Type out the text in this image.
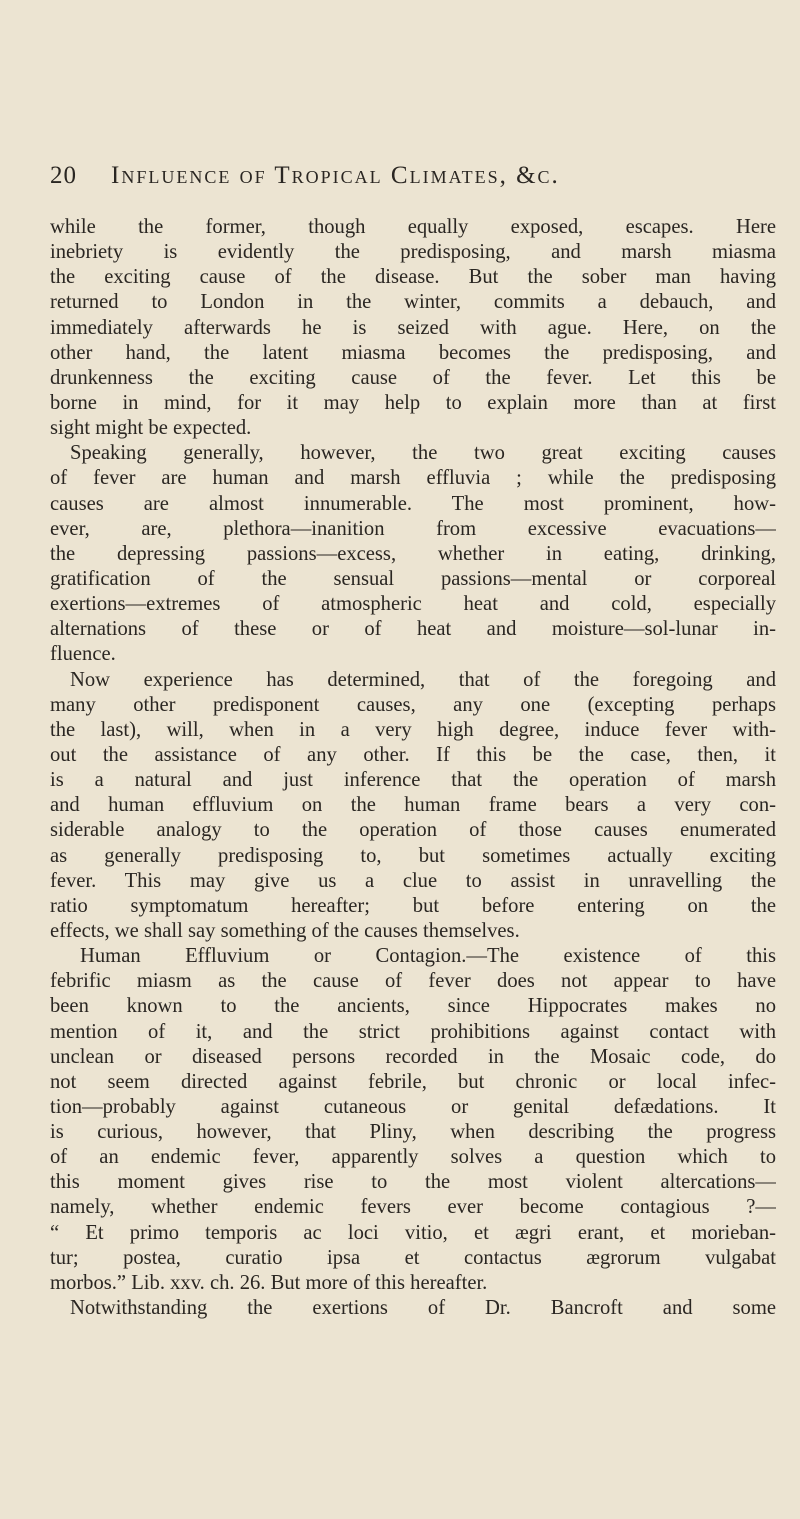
20 Influence of Tropical Climates, &c.
while the former, though equally exposed, escapes. Here
inebriety is evidently the predisposing, and marsh miasma
the exciting cause of the disease. But the sober man having
returned to London in the winter, commits a debauch, and
immediately afterwards he is seized with ague. Here, on the
other hand, the latent miasma becomes the predisposing, and
drunkenness the exciting cause of the fever. Let this be
borne in mind, for it may help to explain more than at first
sight might be expected.
Speaking generally, however, the two great exciting causes
of fever are human and marsh effluvia ; while the predisposing
causes are almost innumerable. The most prominent, how-
ever, are, plethora—inanition from excessive evacuations—
the depressing passions—excess, whether in eating, drinking,
gratification of the sensual passions—mental or corporeal
exertions—extremes of atmospheric heat and cold, especially
alternations of these or of heat and moisture—sol-lunar in-
fluence.
Now experience has determined, that of the foregoing and
many other predisponent causes, any one (excepting perhaps
the last), will, when in a very high degree, induce fever with-
out the assistance of any other. If this be the case, then, it
is a natural and just inference that the operation of marsh
and human effluvium on the human frame bears a very con-
siderable analogy to the operation of those causes enumerated
as generally predisposing to, but sometimes actually exciting
fever. This may give us a clue to assist in unravelling the
ratio symptomatum hereafter; but before entering on the
effects, we shall say something of the causes themselves.
Human Effluvium or Contagion.—The existence of this
febrific miasm as the cause of fever does not appear to have
been known to the ancients, since Hippocrates makes no
mention of it, and the strict prohibitions against contact with
unclean or diseased persons recorded in the Mosaic code, do
not seem directed against febrile, but chronic or local infec-
tion—probably against cutaneous or genital defædations. It
is curious, however, that Pliny, when describing the progress
of an endemic fever, apparently solves a question which to
this moment gives rise to the most violent altercations—
namely, whether endemic fevers ever become contagious ?—
“ Et primo temporis ac loci vitio, et ægri erant, et morieban-
tur; postea, curatio ipsa et contactus ægrorum vulgabat
morbos.” Lib. xxv. ch. 26. But more of this hereafter.
Notwithstanding the exertions of Dr. Bancroft and some
